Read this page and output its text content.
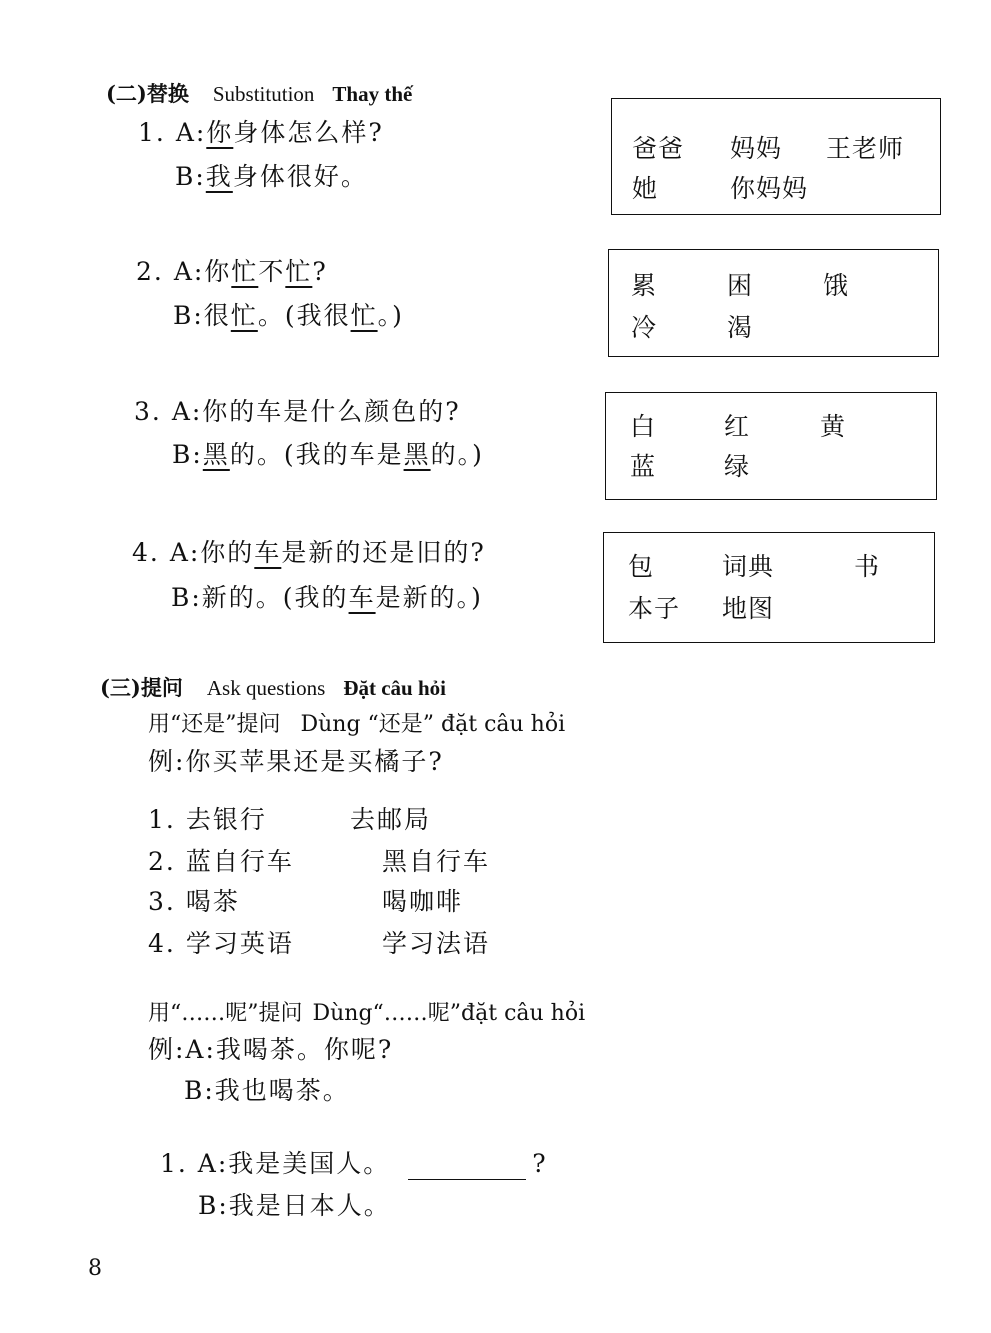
(二)替换 Substitution Thay thế
1. A:你身体怎么样?
B:我身体很好。
爸爸 妈妈 王老师
她	你妈妈
2. A:你忙不忙?
B:很忙。(我很忙。)
累	困	饿
冷	渴
3. A:你的车是什么颜色的?
B:黑的。(我的车是黑的。)
白	红	黄
蓝	绿
4. A:你的车是新的还是旧的?
B:新的。(我的车是新的。)
包	词典	书
本子 地图
(三)提问 Ask questions Đặt câu hỏi
用“还是”提问 Dùng “还是” đặt câu hỏi
例:你买苹果还是买橘子?
1. 去银行	去邮局
2. 蓝自行车	黑自行车
3. 喝茶	喝咖啡
4. 学习英语	学习法语
用“……呢”提问 Dùng“……呢”đặt câu hỏi
例:A:我喝茶。你呢?
B:我也喝茶。
1. A:我是美国人。	?
B:我是日本人。
8
